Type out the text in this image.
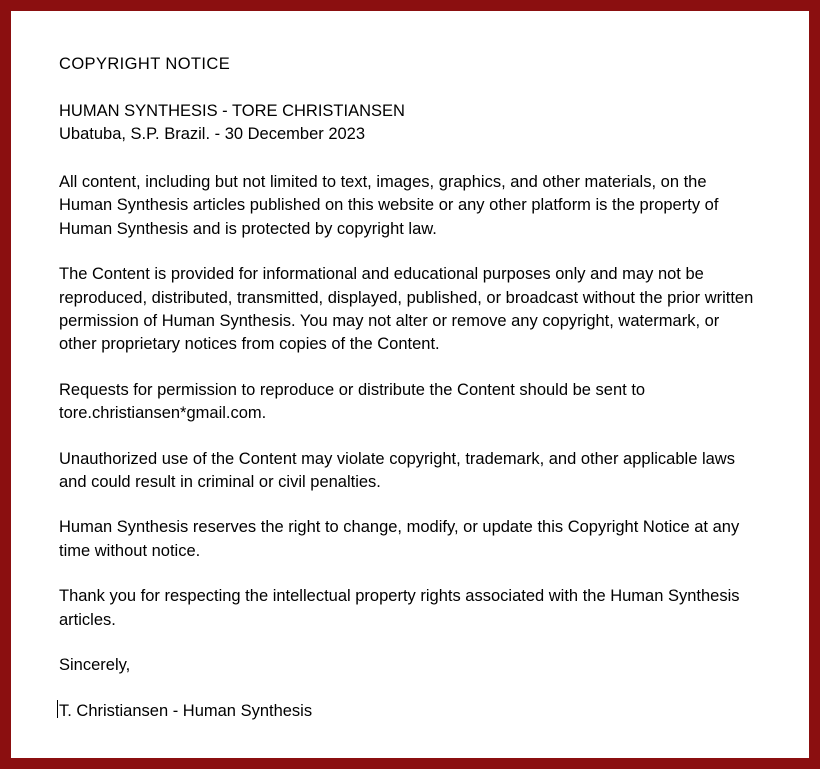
COPYRIGHT NOTICE

HUMAN SYNTHESIS - TORE CHRISTIANSEN

Ubatuba, S.P. Brazil. - 30 December 2023

All content, including but not limited to text, images, graphics, and other materials, on the Human Synthesis articles published on this website or any other platform is the property of Human Synthesis and is protected by copyright law.

The Content is provided for informational and educational purposes only and may not be reproduced, distributed, transmitted, displayed, published, or broadcast without the prior written permission of Human Synthesis. You may not alter or remove any copyright, watermark, or other proprietary notices from copies of the Content.

Requests for permission to reproduce or distribute the Content should be sent to tore.christiansen*gmail.com.

Unauthorized use of the Content may violate copyright, trademark, and other applicable laws and could result in criminal or civil penalties.

Human Synthesis reserves the right to change, modify, or update this Copyright Notice at any time without notice.

Thank you for respecting the intellectual property rights associated with the Human Synthesis articles.

Sincerely,

T. Christiansen - Human Synthesis
